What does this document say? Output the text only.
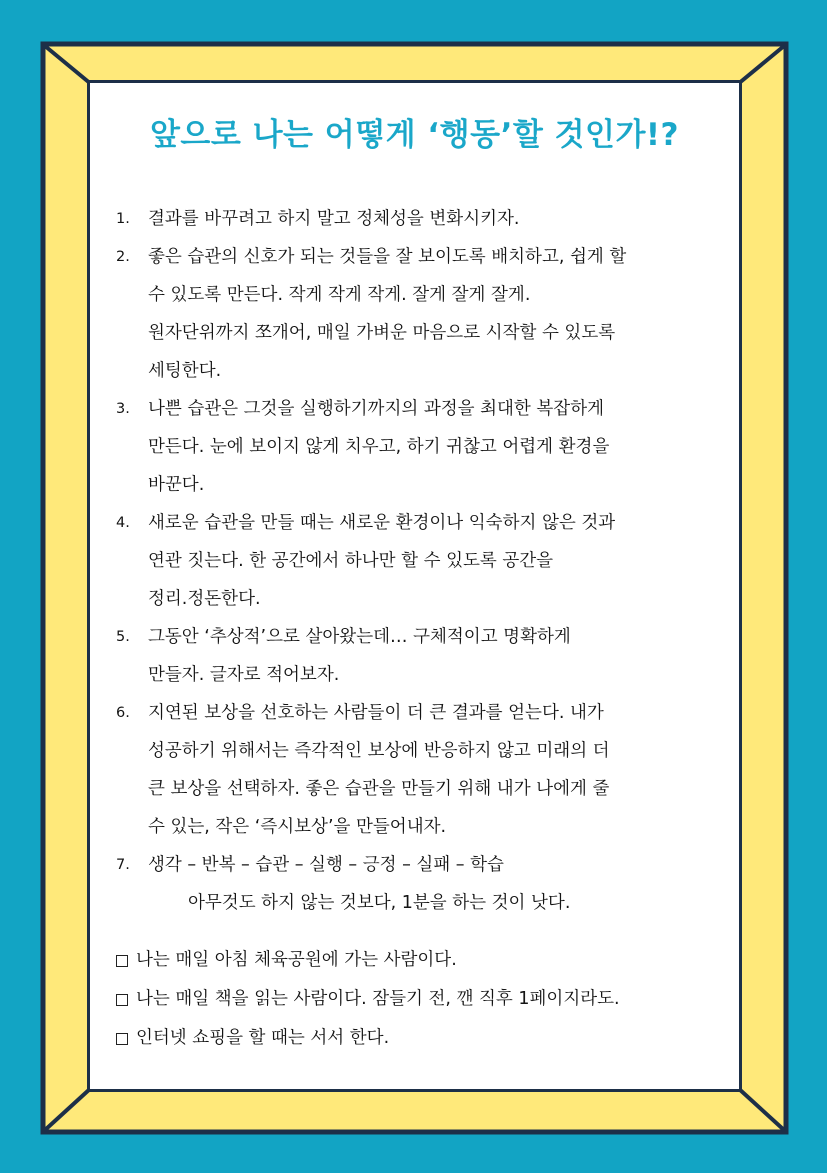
앞으로 나는 어떻게 ‘행동’할 것인가!?
1.	결과를 바꾸려고 하지 말고 정체성을 변화시키자.
2.	좋은 습관의 신호가 되는 것들을 잘 보이도록 배치하고, 쉽게 할
수 있도록 만든다. 작게 작게 작게. 잘게 잘게 잘게.
원자단위까지 쪼개어, 매일 가벼운 마음으로 시작할 수 있도록
세팅한다.
3.	나쁜 습관은 그것을 실행하기까지의 과정을 최대한 복잡하게
만든다. 눈에 보이지 않게 치우고, 하기 귀찮고 어렵게 환경을
바꾼다.
4.	새로운 습관을 만들 때는 새로운 환경이나 익숙하지 않은 것과
연관 짓는다. 한 공간에서 하나만 할 수 있도록 공간을
정리.정돈한다.
5.	그동안 ‘추상적’으로 살아왔는데… 구체적이고 명확하게
만들자. 글자로 적어보자.
6.	지연된 보상을 선호하는 사람들이 더 큰 결과를 얻는다. 내가
성공하기 위해서는 즉각적인 보상에 반응하지 않고 미래의 더
큰 보상을 선택하자. 좋은 습관을 만들기 위해 내가 나에게 줄
수 있는, 작은 ‘즉시보상’을 만들어내자.
7.	생각 – 반복 – 습관 – 실행 – 긍정 – 실패 – 학습
아무것도 하지 않는 것보다, 1분을 하는 것이 낫다.
나는 매일 아침 체육공원에 가는 사람이다.
나는 매일 책을 읽는 사람이다. 잠들기 전, 깬 직후 1페이지라도.
인터넷 쇼핑을 할 때는 서서 한다.
